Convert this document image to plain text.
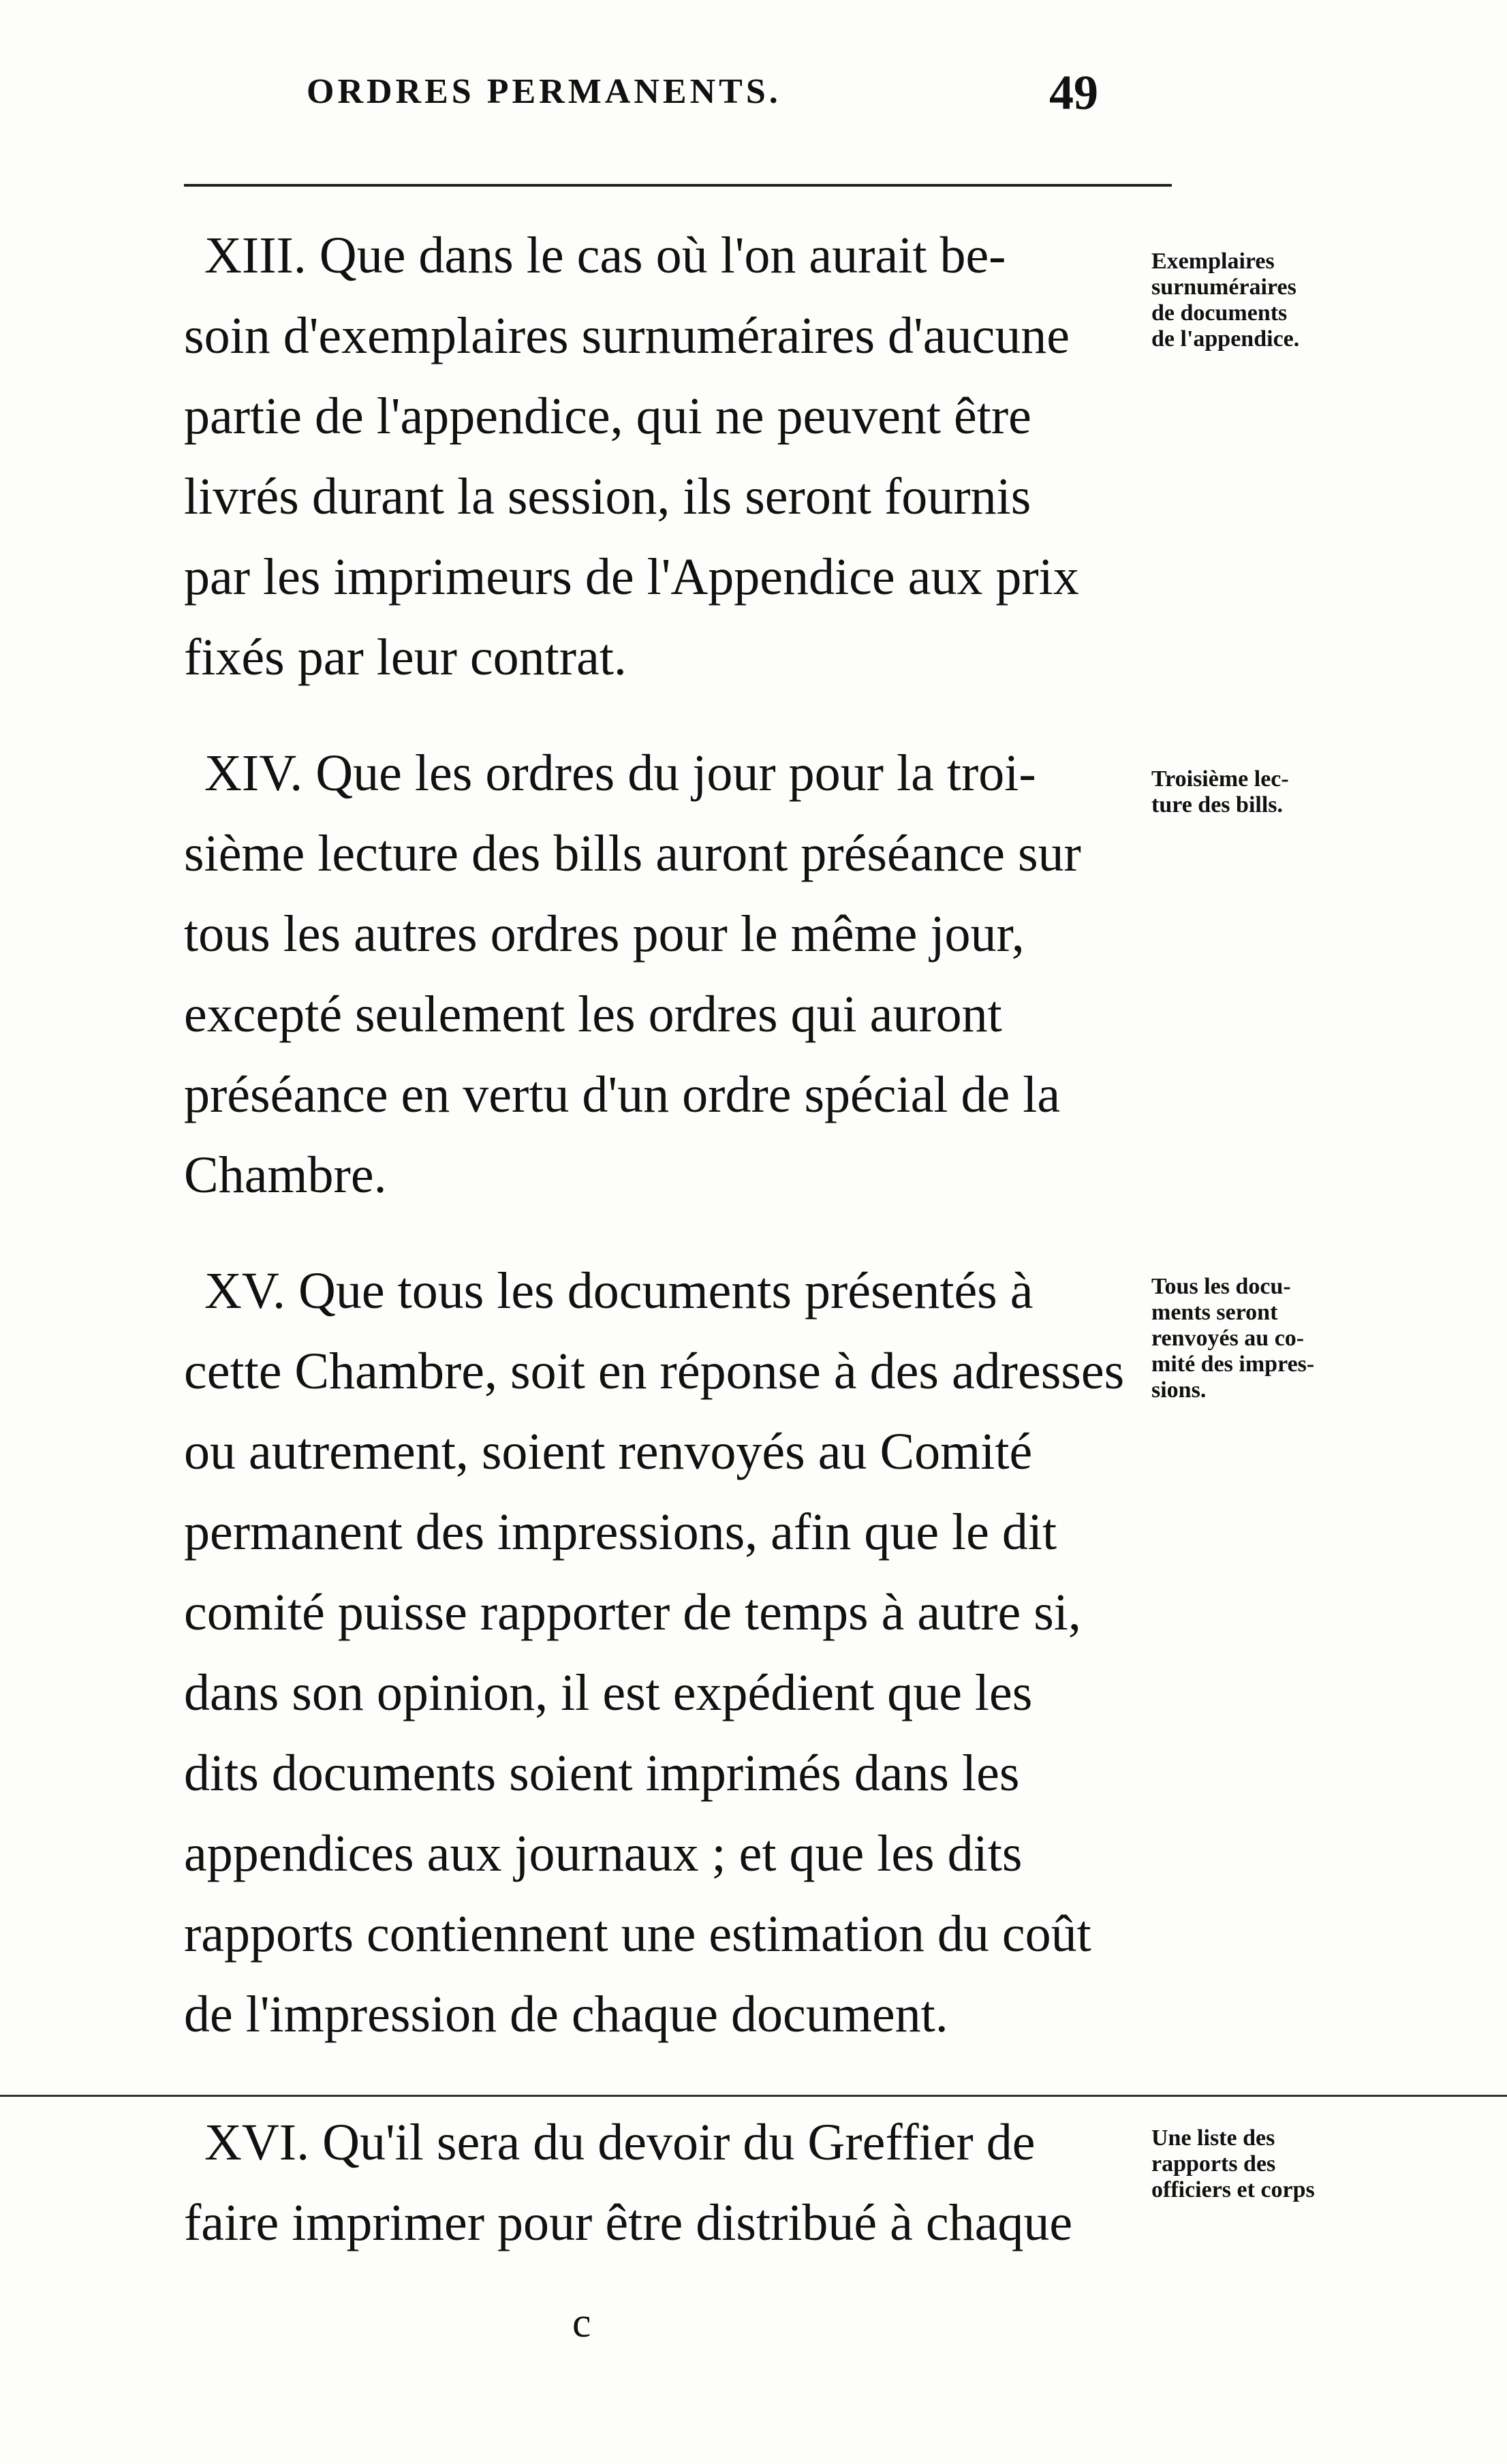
ORDRES PERMANENTS.	49
XIII. Que dans le cas où l'on aurait be-
soin d'exemplaires surnuméraires d'aucune
partie de l'appendice, qui ne peuvent être
livrés durant la session, ils seront fournis
par les imprimeurs de l'Appendice aux prix
fixés par leur contrat.
Exemplaires
surnuméraires
de documents
de l'appendice.
XIV. Que les ordres du jour pour la troi-
sième lecture des bills auront préséance sur
tous les autres ordres pour le même jour,
excepté seulement les ordres qui auront
préséance en vertu d'un ordre spécial de la
Chambre.
Troisième lec-
ture des bills.
XV. Que tous les documents présentés à
cette Chambre, soit en réponse à des adresses
ou autrement, soient renvoyés au Comité
permanent des impressions, afin que le dit
comité puisse rapporter de temps à autre si,
dans son opinion, il est expédient que les
dits documents soient imprimés dans les
appendices aux journaux ; et que les dits
rapports contiennent une estimation du coût
de l'impression de chaque document.
Tous les docu-
ments seront
renvoyés au co-
mité des impres-
sions.
XVI. Qu'il sera du devoir du Greffier de
faire imprimer pour être distribué à chaque
Une liste des
rapports des
officiers et corps
c
